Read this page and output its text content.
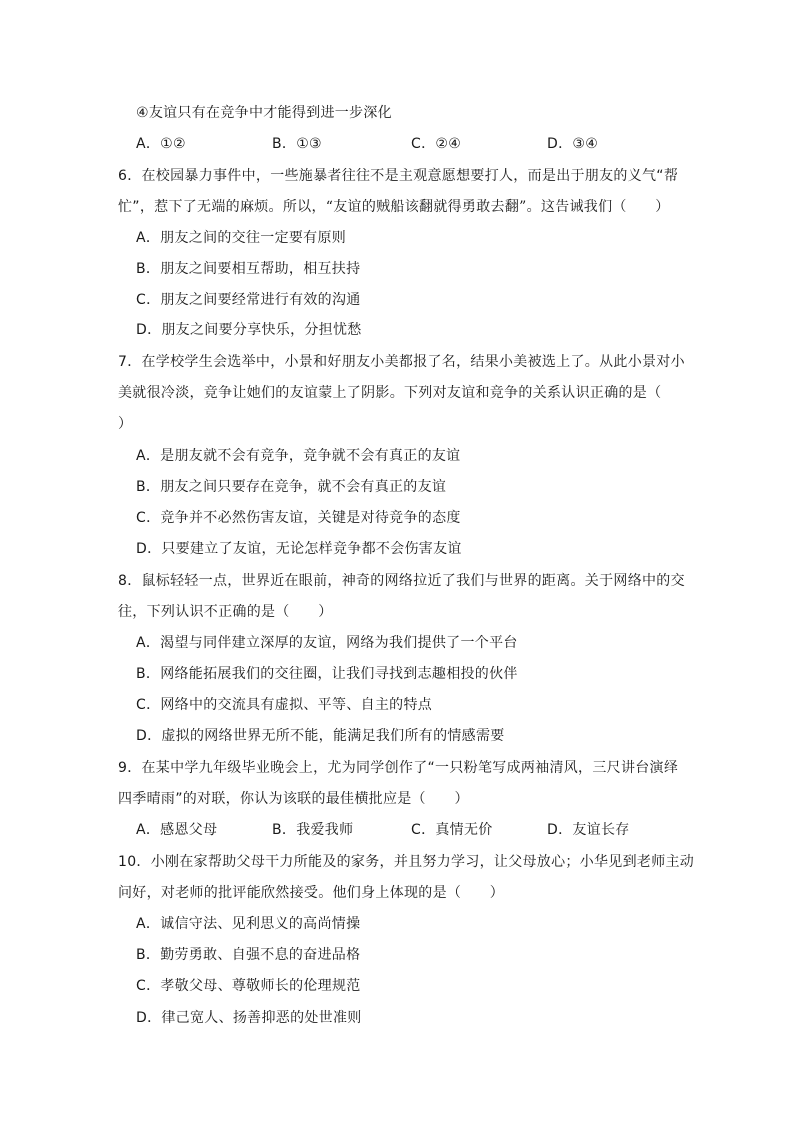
④友谊只有在竞争中才能得到进一步深化
A．①②	B．①③	C．②④	D．③④
6．在校园暴力事件中，一些施暴者往往不是主观意愿想要打人，而是出于朋友的义气“帮
忙”，惹下了无端的麻烦。所以，“友谊的贼船该翻就得勇敢去翻”。这告诫我们（　　）
A．朋友之间的交往一定要有原则
B．朋友之间要相互帮助，相互扶持
C．朋友之间要经常进行有效的沟通
D．朋友之间要分享快乐，分担忧愁
7．在学校学生会选举中，小景和好朋友小美都报了名，结果小美被选上了。从此小景对小
美就很冷淡，竞争让她们的友谊蒙上了阴影。下列对友谊和竞争的关系认识正确的是（
）
A．是朋友就不会有竞争，竞争就不会有真正的友谊
B．朋友之间只要存在竞争，就不会有真正的友谊
C．竞争并不必然伤害友谊，关键是对待竞争的态度
D．只要建立了友谊，无论怎样竞争都不会伤害友谊
8．鼠标轻轻一点，世界近在眼前，神奇的网络拉近了我们与世界的距离。关于网络中的交
往，下列认识不正确的是（　　）
A．渴望与同伴建立深厚的友谊，网络为我们提供了一个平台
B．网络能拓展我们的交往圈，让我们寻找到志趣相投的伙伴
C．网络中的交流具有虚拟、平等、自主的特点
D．虚拟的网络世界无所不能，能满足我们所有的情感需要
9．在某中学九年级毕业晚会上，尤为同学创作了“一只粉笔写成两袖清风，三尺讲台演绎
四季晴雨”的对联，你认为该联的最佳横批应是（　　）
A．感恩父母	B．我爱我师	C．真情无价	D．友谊长存
10．小刚在家帮助父母干力所能及的家务，并且努力学习，让父母放心；小华见到老师主动
问好，对老师的批评能欣然接受。他们身上体现的是（　　）
A．诚信守法、见利思义的高尚情操
B．勤劳勇敢、自强不息的奋进品格
C．孝敬父母、尊敬师长的伦理规范
D．律己宽人、扬善抑恶的处世准则
